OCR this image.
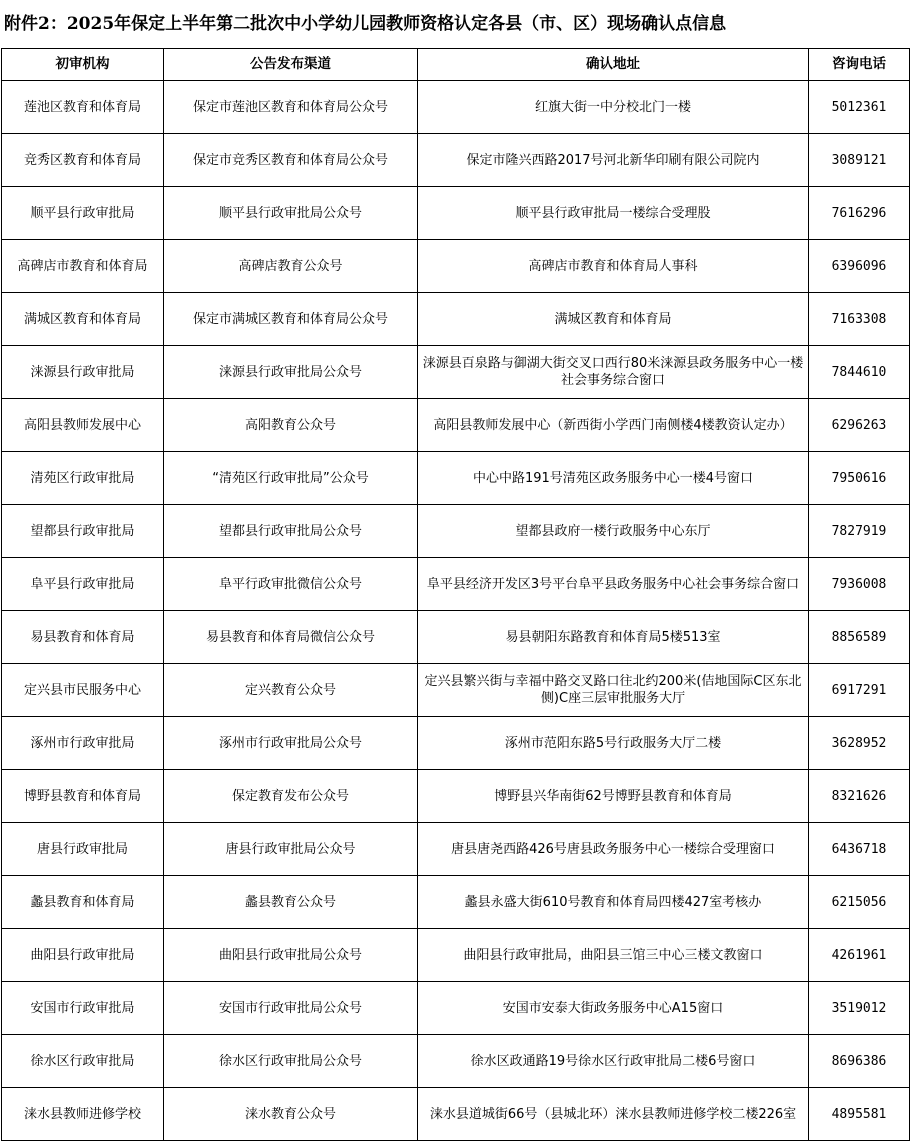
附件2：2025年保定上半年第二批次中小学幼儿园教师资格认定各县（市、区）现场确认点信息
初审机构	公告发布渠道	确认地址	咨询电话
莲池区教育和体育局	保定市莲池区教育和体育局公众号	红旗大街一中分校北门一楼	5012361
竞秀区教育和体育局	保定市竞秀区教育和体育局公众号	保定市隆兴西路2017号河北新华印刷有限公司院内	3089121
顺平县行政审批局	顺平县行政审批局公众号	顺平县行政审批局一楼综合受理股	7616296
高碑店市教育和体育局	高碑店教育公众号	高碑店市教育和体育局人事科	6396096
满城区教育和体育局	保定市满城区教育和体育局公众号	满城区教育和体育局	7163308
涞源县行政审批局	涞源县行政审批局公众号	涞源县百泉路与御湖大街交叉口西行80米涞源县政务服务中心一楼社会事务综合窗口	7844610
高阳县教师发展中心	高阳教育公众号	高阳县教师发展中心（新西街小学西门南侧楼4楼教资认定办）	6296263
清苑区行政审批局	“清苑区行政审批局”公众号	中心中路191号清苑区政务服务中心一楼4号窗口	7950616
望都县行政审批局	望都县行政审批局公众号	望都县政府一楼行政服务中心东厅	7827919
阜平县行政审批局	阜平行政审批微信公众号	阜平县经济开发区3号平台阜平县政务服务中心社会事务综合窗口	7936008
易县教育和体育局	易县教育和体育局微信公众号	易县朝阳东路教育和体育局5楼513室	8856589
定兴县市民服务中心	定兴教育公众号	定兴县繁兴街与幸福中路交叉路口往北约200米(佶地国际C区东北侧)C座三层审批服务大厅	6917291
涿州市行政审批局	涿州市行政审批局公众号	涿州市范阳东路5号行政服务大厅二楼	3628952
博野县教育和体育局	保定教育发布公众号	博野县兴华南街62号博野县教育和体育局	8321626
唐县行政审批局	唐县行政审批局公众号	唐县唐尧西路426号唐县政务服务中心一楼综合受理窗口	6436718
蠡县教育和体育局	蠡县教育公众号	蠡县永盛大街610号教育和体育局四楼427室考核办	6215056
曲阳县行政审批局	曲阳县行政审批局公众号	曲阳县行政审批局，曲阳县三馆三中心三楼文教窗口	4261961
安国市行政审批局	安国市行政审批局公众号	安国市安泰大街政务服务中心A15窗口	3519012
徐水区行政审批局	徐水区行政审批局公众号	徐水区政通路19号徐水区行政审批局二楼6号窗口	8696386
涞水县教师进修学校	涞水教育公众号	涞水县道城街66号（县城北环）涞水县教师进修学校二楼226室	4895581
